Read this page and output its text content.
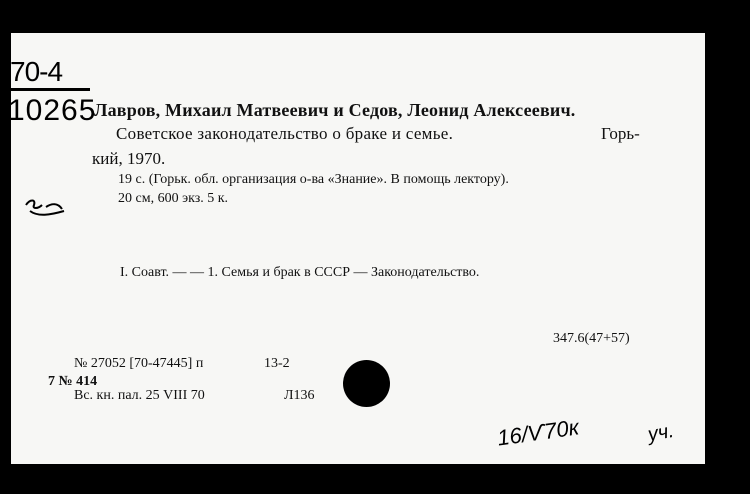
70-4
10265
Лавров, Михаил Матвеевич и Седов, Леонид Алексеевич.
Советское законодательство о браке и семье.	Горь-
кий, 1970.
19 с. (Горьк. обл. организация о-ва «Знание». В помощь лектору).
20 см, 600 экз. 5 к.
I. Соавт. — — 1. Семья и брак в СССР — Законодательство.
347.6(47+57)
№ 27052 [70-47445] п	13-2
7 № 414
Вс. кн. пал. 25 VIII 70	Л136
16/Ѵ70к	уч.
